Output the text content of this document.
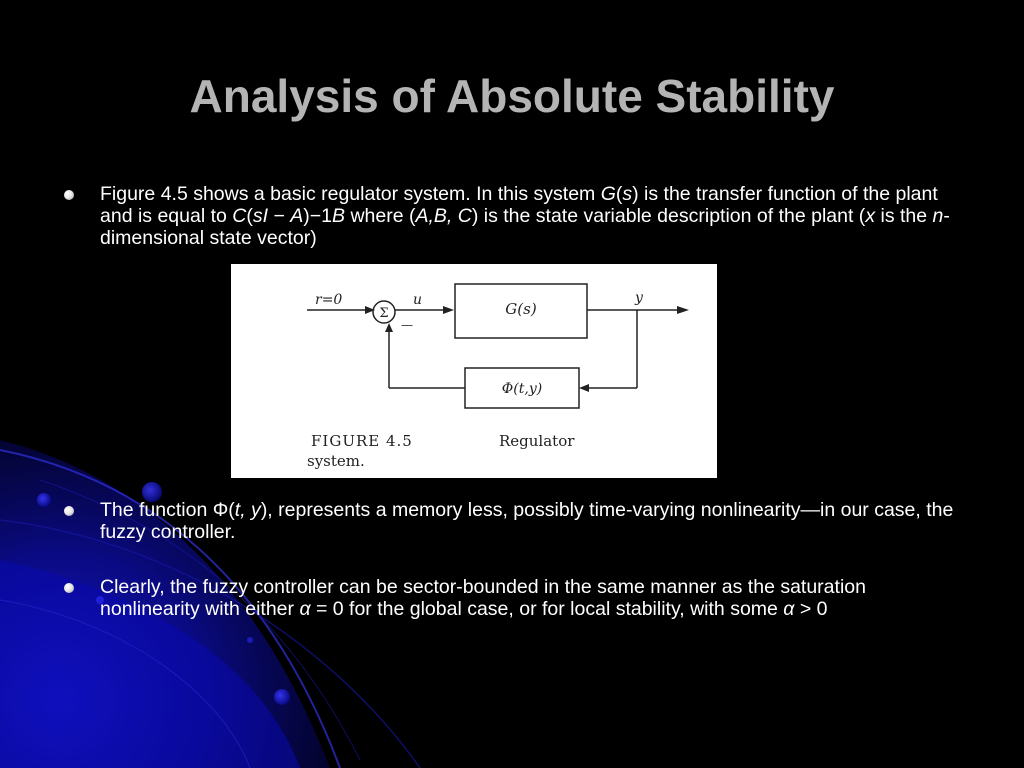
Analysis of Absolute Stability
Figure 4.5 shows a basic regulator system. In this system G(s) is the transfer function of the plant and is equal to C(sI − A)−1B where (A,B, C) is the state variable description of the plant (x is the n-dimensional state vector)
Σ	G(s)
Φ(t,y)
r=0	u
—
y
FIGURE 4.5	Regulator
system.
The function Φ(t, y), represents a memory less, possibly time-varying nonlinearity—in our case, the fuzzy controller.
Clearly, the fuzzy controller can be sector-bounded in the same manner as the saturation nonlinearity with either α = 0 for the global case, or for local stability, with some α > 0
